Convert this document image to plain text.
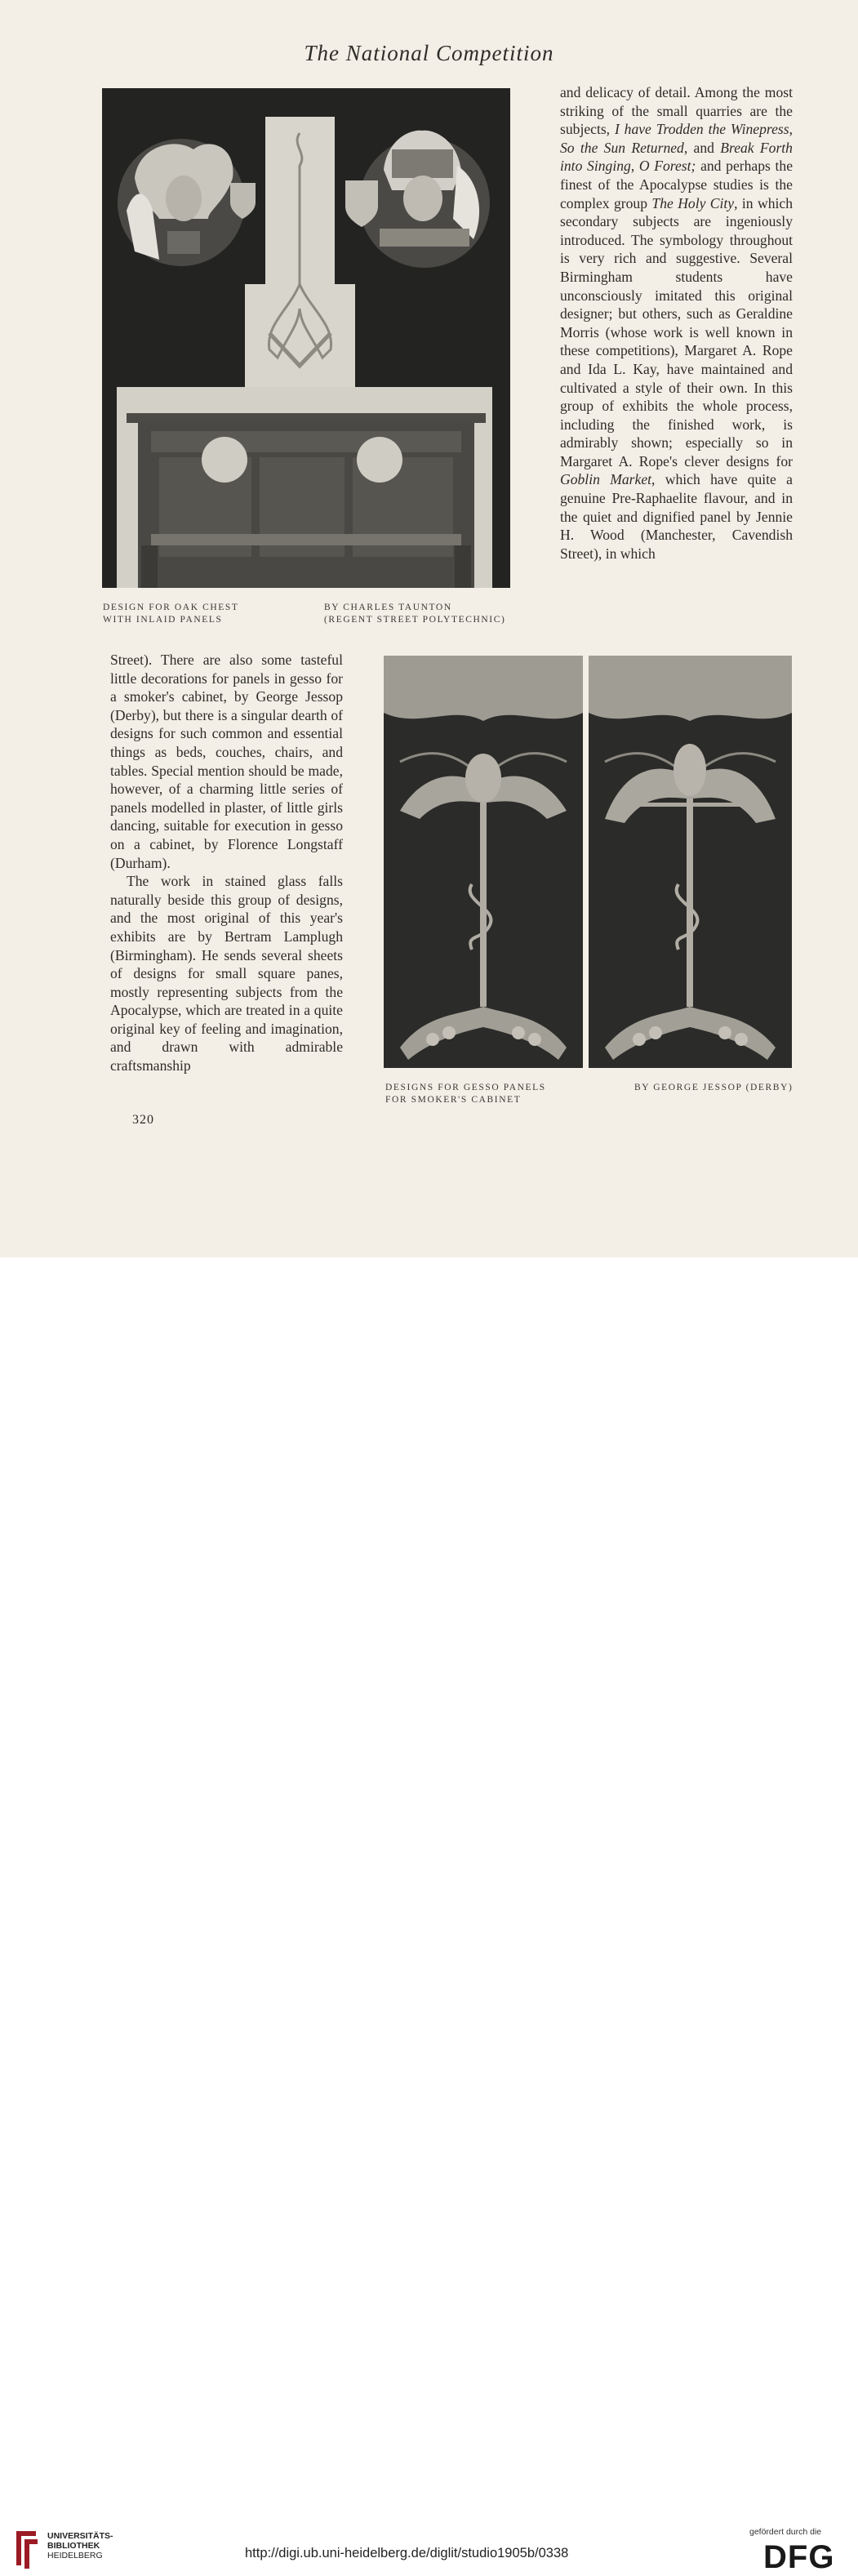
The National Competition
DESIGN FOR OAK CHEST
WITH INLAID PANELS
BY CHARLES TAUNTON
(REGENT STREET POLYTECHNIC)

and delicacy of detail. Among the most striking of the small quarries are the subjects, I have Trodden the Winepress, So the Sun Returned, and Break Forth into Singing, O Forest; and perhaps the finest of the Apocalypse studies is the complex group The Holy City, in which secondary subjects are ingeniously introduced. The symbology throughout is very rich and suggestive. Several Birmingham students have unconsciously imitated this original designer; but others, such as Geraldine Morris (whose work is well known in these competitions), Margaret A. Rope and Ida L. Kay, have maintained and cultivated a style of their own. In this group of exhibits the whole process, including the finished work, is admirably shown; especially so in Margaret A. Rope's clever designs for Goblin Market, which have quite a genuine Pre-Raphaelite flavour, and in the quiet and dignified panel by Jennie H. Wood (Manchester, Cavendish Street), in which

Street). There are also some tasteful little decorations for panels in gesso for a smoker's cabinet, by George Jessop (Derby), but there is a singular dearth of designs for such common and essential things as beds, couches, chairs, and tables. Special mention should be made, however, of a charming little series of panels modelled in plaster, of little girls dancing, suitable for execution in gesso on a cabinet, by Florence Longstaff (Durham).

The work in stained glass falls naturally beside this group of designs, and the most original of this year's exhibits are by Bertram Lamplugh (Birmingham). He sends several sheets of designs for small square panes, mostly representing subjects from the Apocalypse, which are treated in a quite original key of feeling and imagination, and drawn with admirable craftsmanship

DESIGNS FOR GESSO PANELS
FOR SMOKER'S CABINET
BY GEORGE JESSOP (DERBY)
320
UNIVERSITÄTS-
BIBLIOTHEK
HEIDELBERG	http://digi.ub.uni-heidelberg.de/diglit/studio1905b/0338
gefördert durch die
DFG
